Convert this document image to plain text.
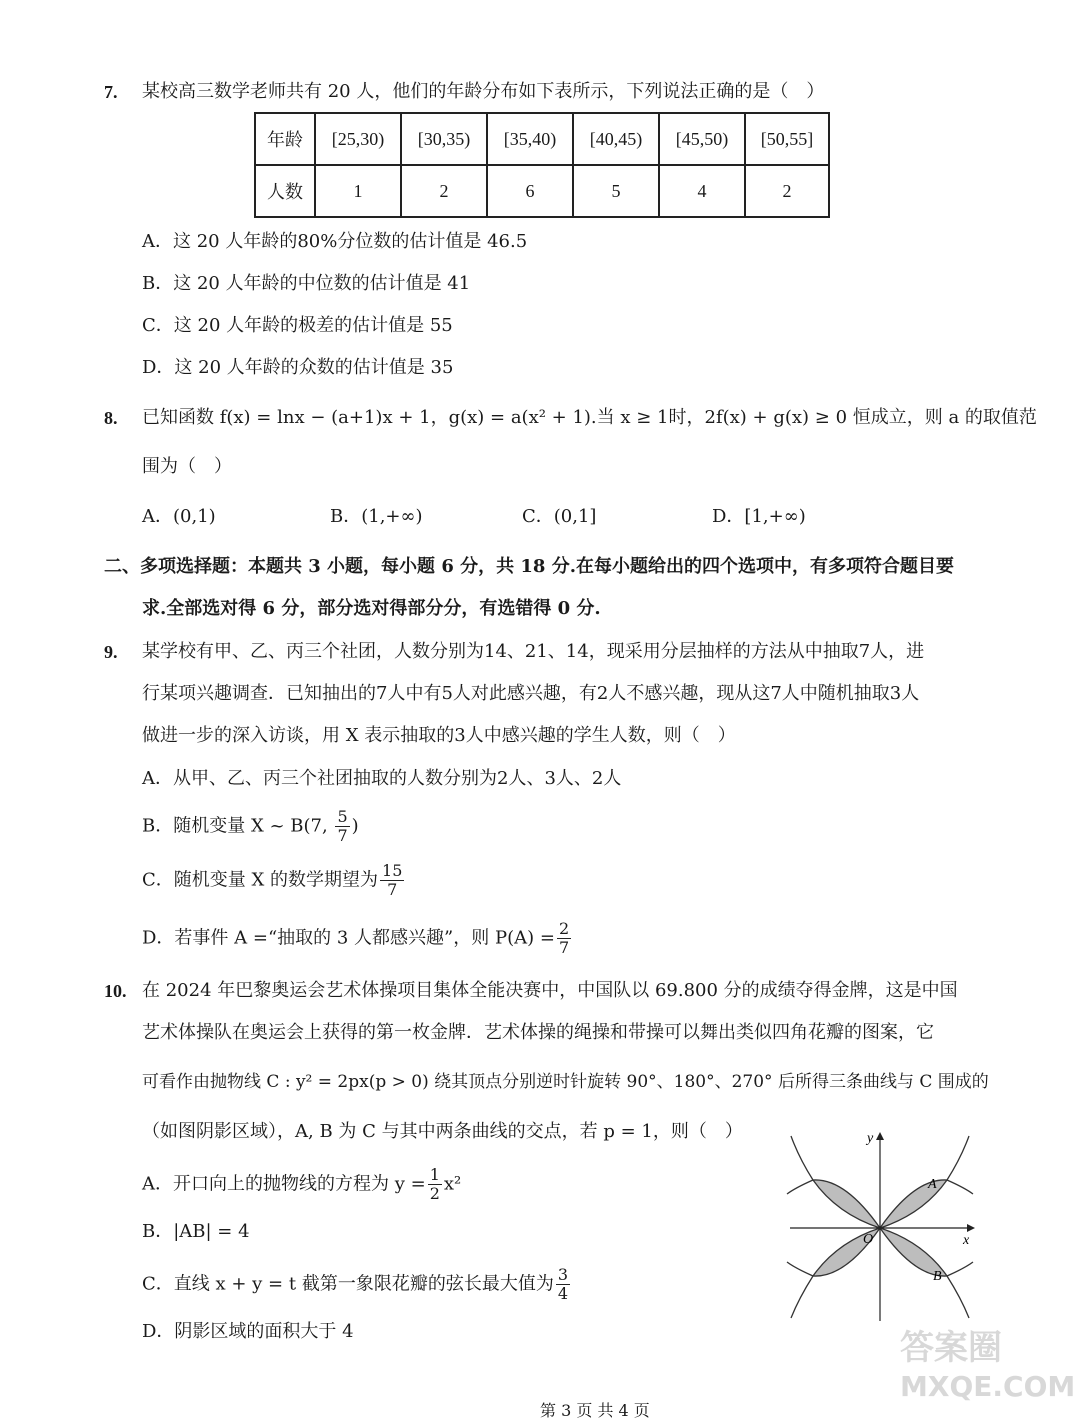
7. 某校高三数学老师共有 20 人，他们的年龄分布如下表所示，下列说法正确的是（　）
年龄	[25,30)	[30,35)	[35,40)	[40,45)	[45,50)	[50,55]
人数	1	2	6	5	4	2
A．这 20 人年龄的80%分位数的估计值是 46.5
B．这 20 人年龄的中位数的估计值是 41
C．这 20 人年龄的极差的估计值是 55
D．这 20 人年龄的众数的估计值是 35
8. 已知函数 f(x) = lnx − (a+1)x + 1，g(x) = a(x² + 1).当 x ≥ 1时，2f(x) + g(x) ≥ 0 恒成立，则 a 的取值范
围为（　）
A．(0,1)	B．(1,+∞)	C．(0,1]	D．[1,+∞)
二、多项选择题：本题共 3 小题，每小题 6 分，共 18 分.在每小题给出的四个选项中，有多项符合题目要
求.全部选对得 6 分，部分选对得部分分，有选错得 0 分.
9. 某学校有甲、乙、丙三个社团，人数分别为14、21、14，现采用分层抽样的方法从中抽取7人，进
行某项兴趣调查．已知抽出的7人中有5人对此感兴趣，有2人不感兴趣，现从这7人中随机抽取3人
做进一步的深入访谈，用 X 表示抽取的3人中感兴趣的学生人数，则（　）
A．从甲、乙、丙三个社团抽取的人数分别为2人、3人、2人
B．随机变量 X ~ B(7, $\frac{5}{7}$ )
C．随机变量 X 的数学期望为 $\frac{15}{7}$
D．若事件 A =“抽取的 3 人都感兴趣”，则 $P(A) = \frac{2}{7}$
10. 在 2024 年巴黎奥运会艺术体操项目集体全能决赛中，中国队以 69.800 分的成绩夺得金牌，这是中国
艺术体操队在奥运会上获得的第一枚金牌．艺术体操的绳操和带操可以舞出类似四角花瓣的图案，它
可看作由抛物线 C : y² = 2px(p > 0) 绕其顶点分别逆时针旋转 90°、180°、270° 后所得三条曲线与 C 围成的
（如图阴影区域），A, B 为 C 与其中两条曲线的交点，若 p = 1，则（　）
A．开口向上的抛物线的方程为 $y = \frac{1}{2} x^2$
B．|AB| = 4
C．直线 x + y = t 截第一象限花瓣的弦长最大值为 $\frac{3}{4}$
D．阴影区域的面积大于 4
y
x
O
A
B
答案圈
MXQE.COM
第 3 页 共 4 页
